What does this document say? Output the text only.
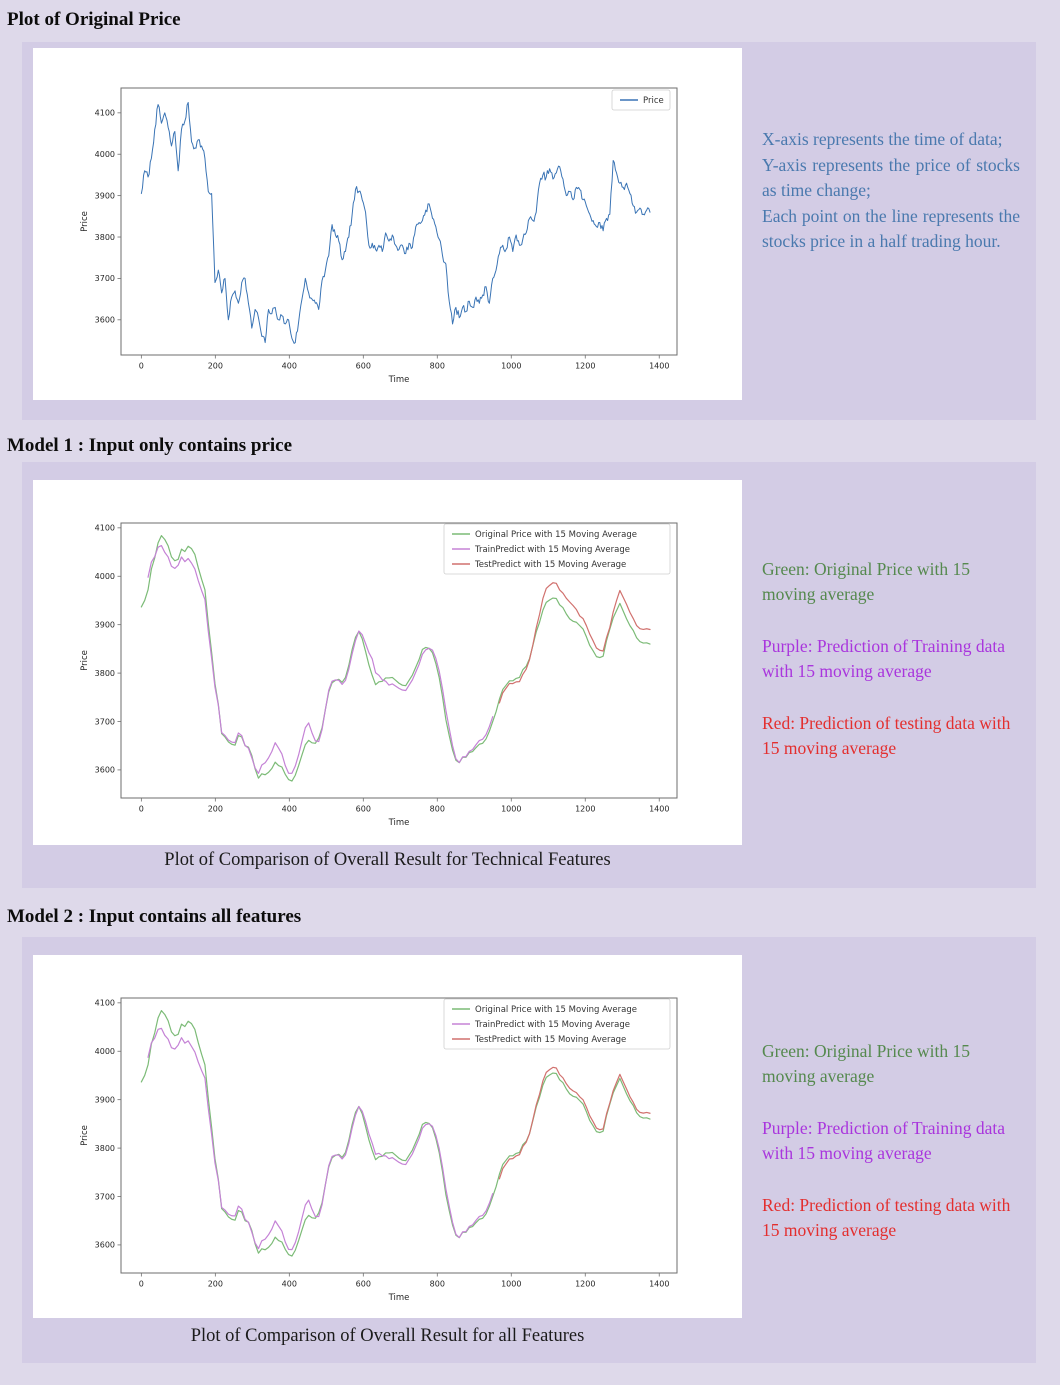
Plot of Original Price
0	200	400	600	800	1000	1200	1400
Time
3600
3700
3800
3900
4000
4100
Price
Price

X-axis represents the time of data;

Y-axis represents the price of stocks as time change;

Each point on the line represents the stocks price in a half trading hour.

Model 1 : Input only contains price
0	200	400	600	800	1000	1200	1400
Time
3600
3700
3800
3900
4000
4100
Price
Original Price with 15 Moving Average
TrainPredict with 15 Moving Average
TestPredict with 15 Moving Average	Green: Original Price with 15 moving average

Purple: Prediction of Training data with 15 moving average

Red: Prediction of testing data with 15 moving average

Plot of Comparison of Overall Result for Technical Features
Model 2 : Input contains all features
0	200	400	600	800	1000	1200	1400
Time
3600
3700
3800
3900
4000
4100
Price
Original Price with 15 Moving Average
TrainPredict with 15 Moving Average
TestPredict with 15 Moving Average

Green: Original Price with 15 moving average

Purple: Prediction of Training data with 15 moving average

Red: Prediction of testing data with 15 moving average

Plot of Comparison of Overall Result for all Features
